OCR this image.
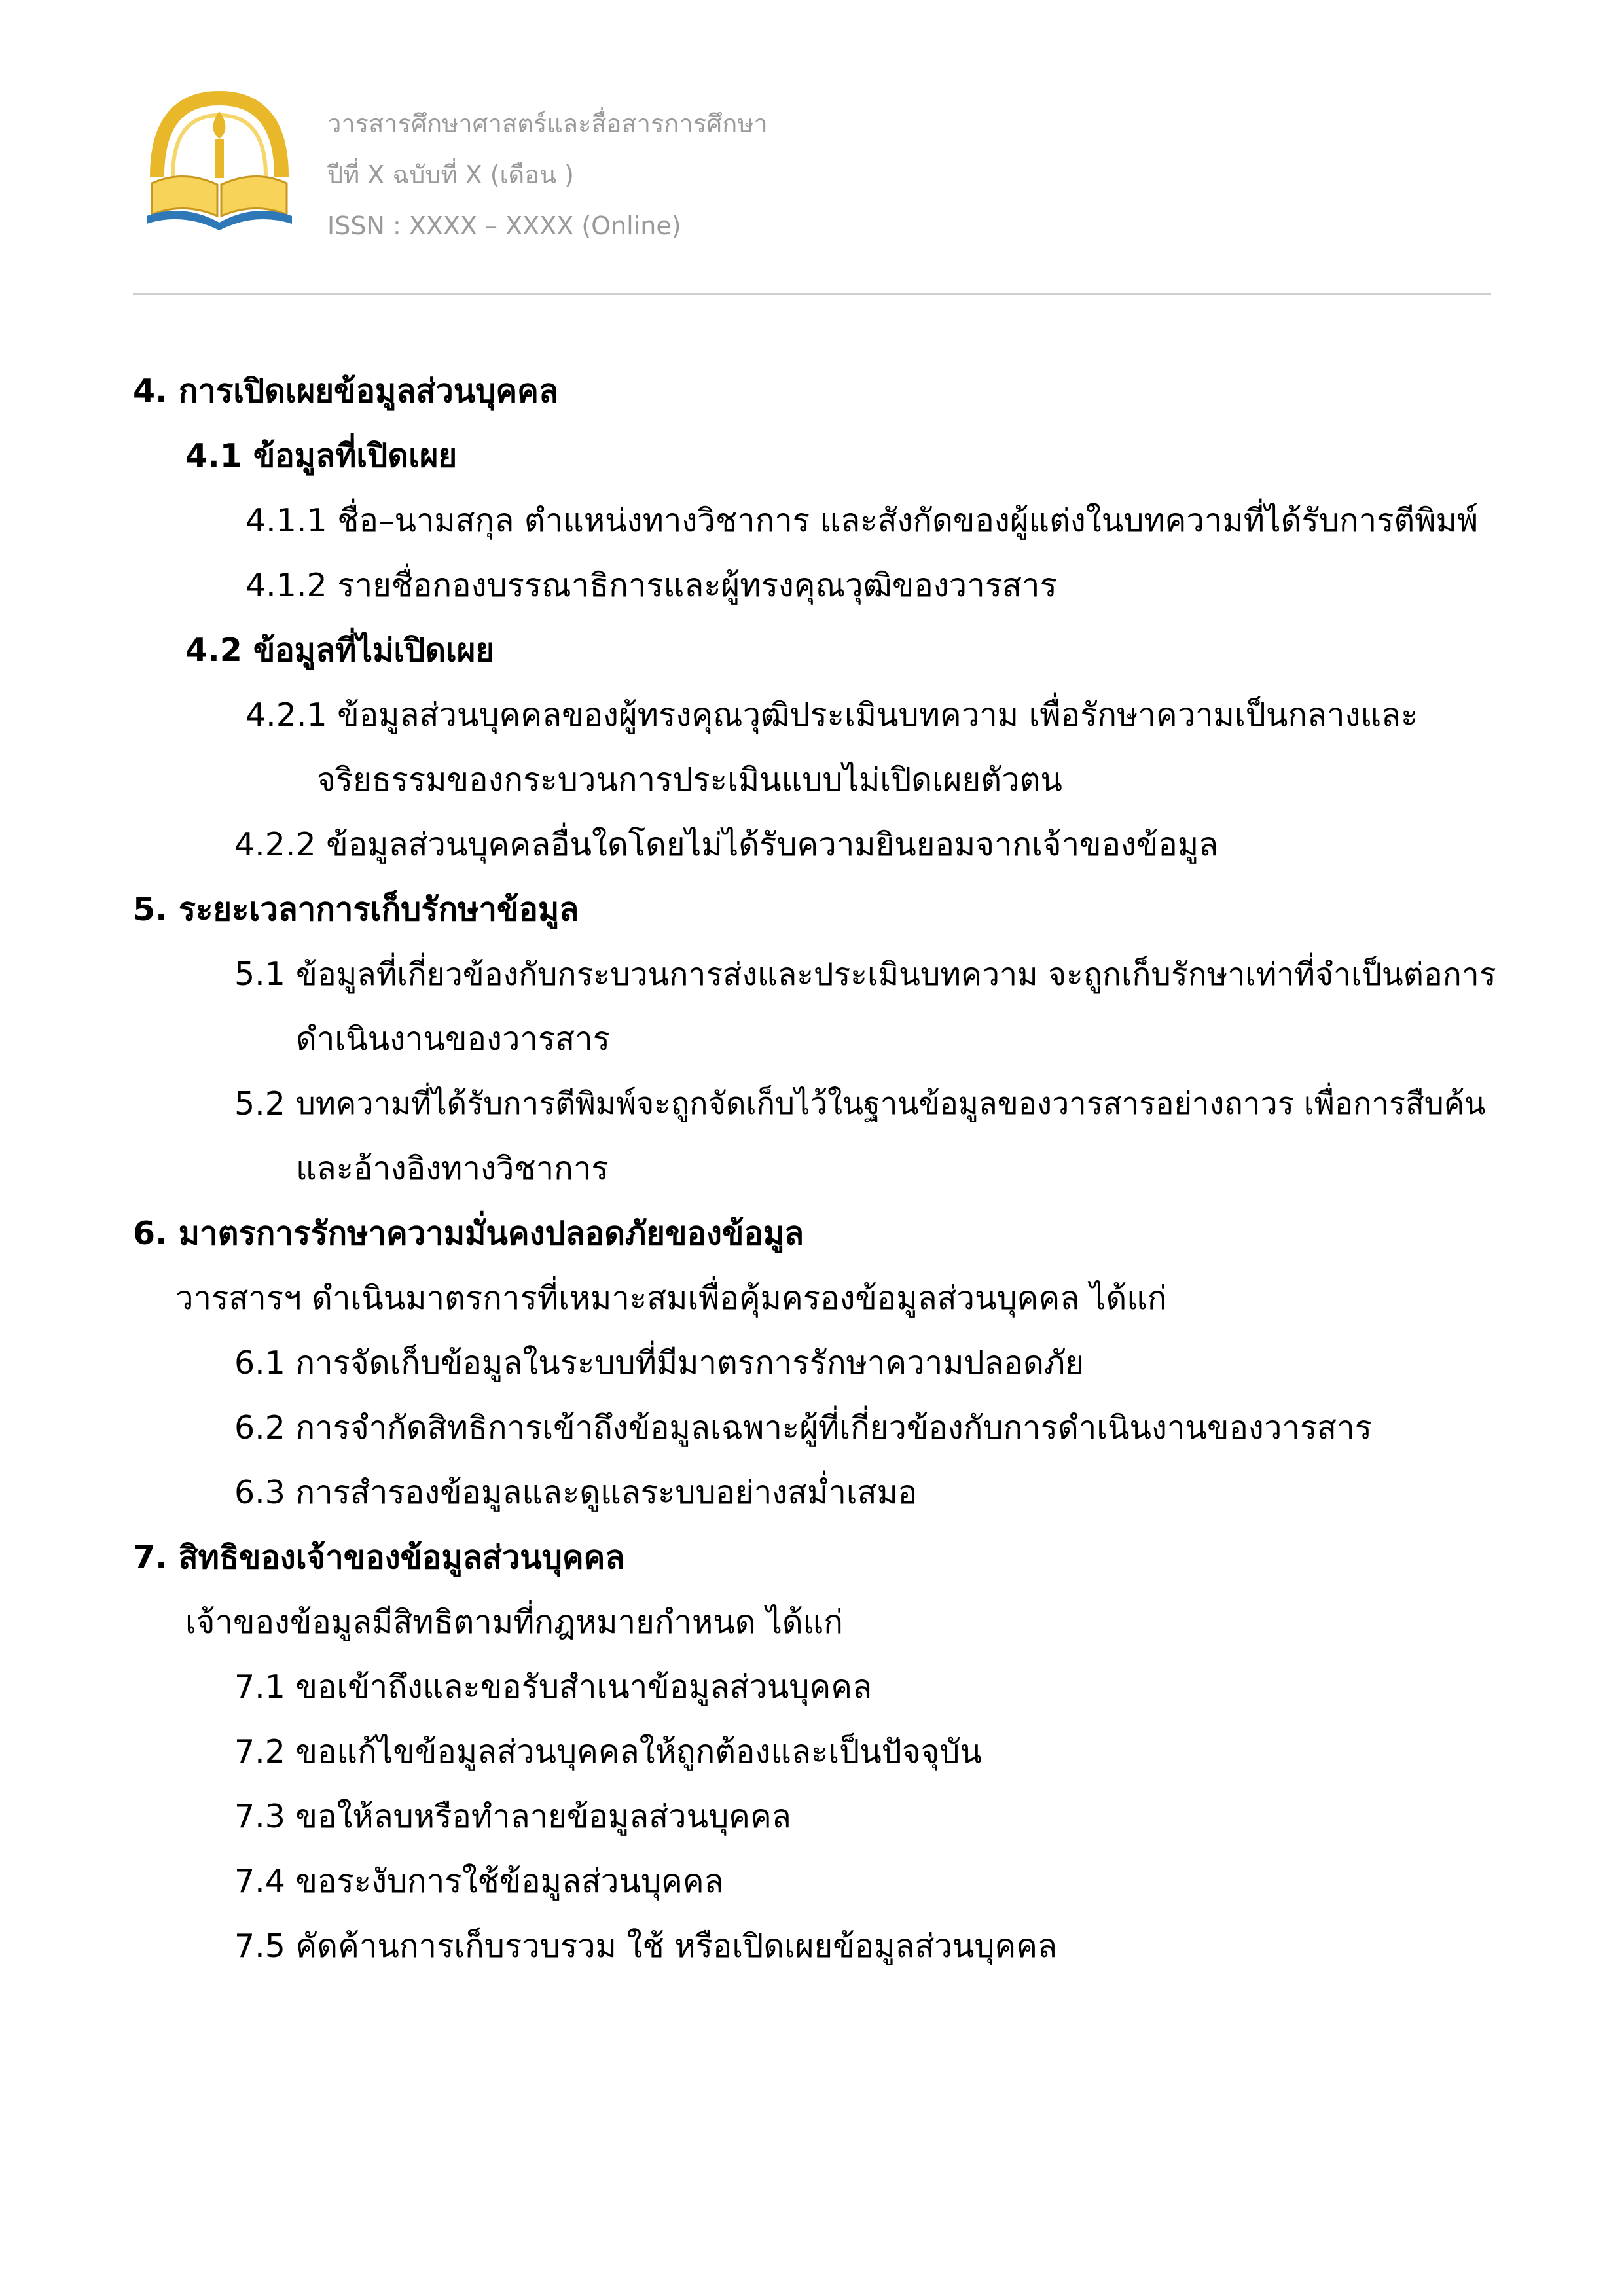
วารสารศึกษาศาสตร์และสื่อสารการศึกษา
ปีที่ X ฉบับที่ X (เดือน )
ISSN : XXXX – XXXX (Online)
4. การเปิดเผยข้อมูลส่วนบุคคล
4.1 ข้อมูลที่เปิดเผย
4.1.1 ชื่อ–นามสกุล ตำแหน่งทางวิชาการ และสังกัดของผู้แต่งในบทความที่ได้รับการตีพิมพ์
4.1.2 รายชื่อกองบรรณาธิการและผู้ทรงคุณวุฒิของวารสาร
4.2 ข้อมูลที่ไม่เปิดเผย
4.2.1 ข้อมูลส่วนบุคคลของผู้ทรงคุณวุฒิประเมินบทความ เพื่อรักษาความเป็นกลางและ
จริยธรรมของกระบวนการประเมินแบบไม่เปิดเผยตัวตน
4.2.2 ข้อมูลส่วนบุคคลอื่นใดโดยไม่ได้รับความยินยอมจากเจ้าของข้อมูล
5. ระยะเวลาการเก็บรักษาข้อมูล
5.1 ข้อมูลที่เกี่ยวข้องกับกระบวนการส่งและประเมินบทความ จะถูกเก็บรักษาเท่าที่จำเป็นต่อการ
ดำเนินงานของวารสาร
5.2 บทความที่ได้รับการตีพิมพ์จะถูกจัดเก็บไว้ในฐานข้อมูลของวารสารอย่างถาวร เพื่อการสืบค้น
และอ้างอิงทางวิชาการ
6. มาตรการรักษาความมั่นคงปลอดภัยของข้อมูล
วารสารฯ ดำเนินมาตรการที่เหมาะสมเพื่อคุ้มครองข้อมูลส่วนบุคคล ได้แก่
6.1 การจัดเก็บข้อมูลในระบบที่มีมาตรการรักษาความปลอดภัย
6.2 การจำกัดสิทธิการเข้าถึงข้อมูลเฉพาะผู้ที่เกี่ยวข้องกับการดำเนินงานของวารสาร
6.3 การสำรองข้อมูลและดูแลระบบอย่างสม่ำเสมอ
7. สิทธิของเจ้าของข้อมูลส่วนบุคคล
เจ้าของข้อมูลมีสิทธิตามที่กฎหมายกำหนด ได้แก่
7.1 ขอเข้าถึงและขอรับสำเนาข้อมูลส่วนบุคคล
7.2 ขอแก้ไขข้อมูลส่วนบุคคลให้ถูกต้องและเป็นปัจจุบัน
7.3 ขอให้ลบหรือทำลายข้อมูลส่วนบุคคล
7.4 ขอระงับการใช้ข้อมูลส่วนบุคคล
7.5 คัดค้านการเก็บรวบรวม ใช้ หรือเปิดเผยข้อมูลส่วนบุคคล
